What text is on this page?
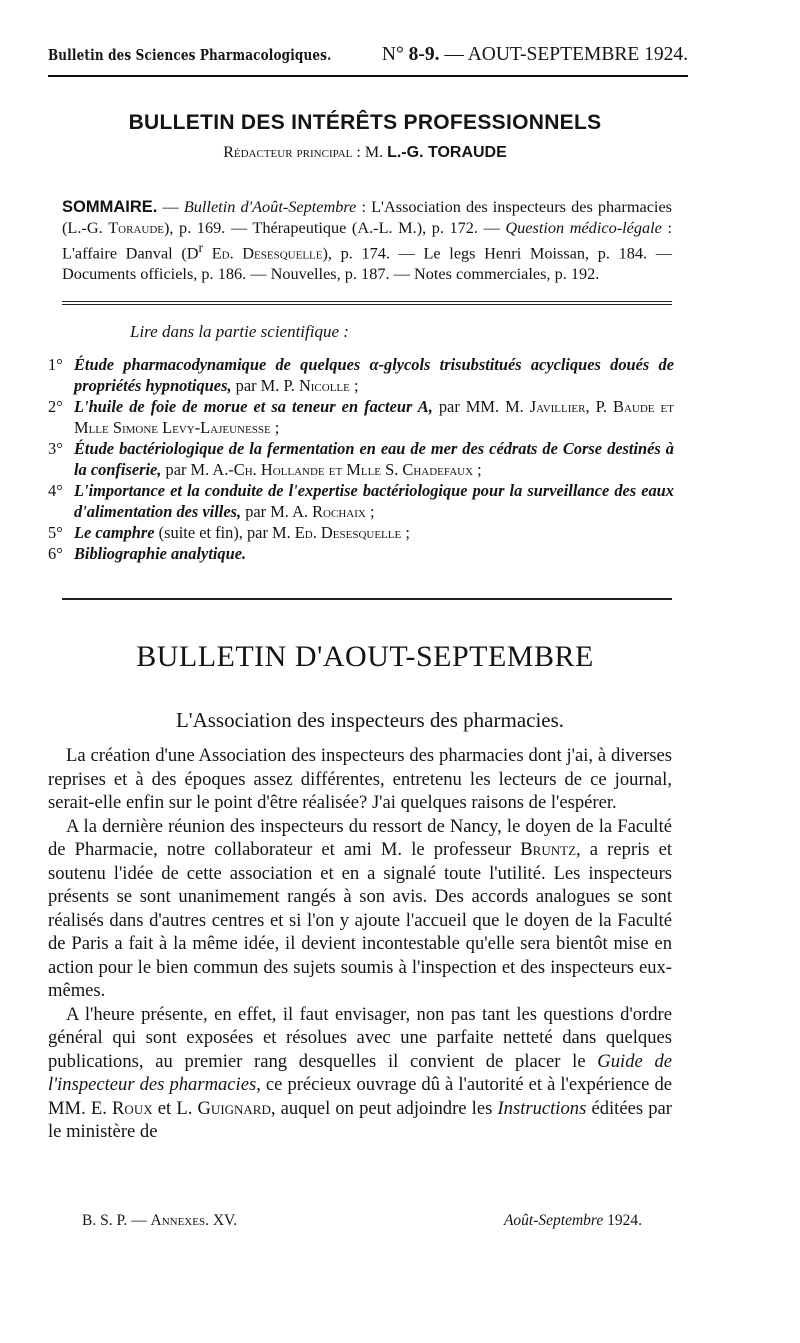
Bulletin des Sciences Pharmacologiques.	N° 8-9. — AOUT-SEPTEMBRE 1924.
BULLETIN DES INTÉRÊTS PROFESSIONNELS
Rédacteur principal : M. L.-G. TORAUDE
SOMMAIRE. — Bulletin d'Août-Septembre : L'Association des inspecteurs des pharmacies (L.-G. Toraude), p. 169. — Thérapeutique (A.-L. M.), p. 172. — Question médico-légale : L'affaire Danval ($D^r$ Ed. Desesquelle), p. 174. — Le legs Henri Moissan, p. 184. — Documents officiels, p. 186. — Nouvelles, p. 187. — Notes commerciales, p. 192.
Lire dans la partie scientifique :
1° Étude pharmacodynamique de quelques α-glycols trisubstitués acycliques doués de propriétés hypnotiques, par M. P. Nicolle ;
2° L'huile de foie de morue et sa teneur en facteur A, par MM. M. Javillier, P. Baude et Mlle Simone Levy-Lajeunesse ;
3° Étude bactériologique de la fermentation en eau de mer des cédrats de Corse destinés à la confiserie, par M. A.-Ch. Hollande et Mlle S. Chadefaux ;
4° L'importance et la conduite de l'expertise bactériologique pour la surveillance des eaux d'alimentation des villes, par M. A. Rochaix ;
5° Le camphre (suite et fin), par M. Ed. Desesquelle ;
6° Bibliographie analytique.
BULLETIN D'AOUT-SEPTEMBRE
L'Association des inspecteurs des pharmacies.

La création d'une Association des inspecteurs des pharmacies dont j'ai, à diverses reprises et à des époques assez différentes, entretenu les lecteurs de ce journal, serait-elle enfin sur le point d'être réalisée? J'ai quelques raisons de l'espérer.

A la dernière réunion des inspecteurs du ressort de Nancy, le doyen de la Faculté de Pharmacie, notre collaborateur et ami M. le professeur Bruntz, a repris et soutenu l'idée de cette association et en a signalé toute l'utilité. Les inspecteurs présents se sont unanimement rangés à son avis. Des accords analogues se sont réalisés dans d'autres centres et si l'on y ajoute l'accueil que le doyen de la Faculté de Paris a fait à la même idée, il devient incontestable qu'elle sera bientôt mise en action pour le bien commun des sujets soumis à l'inspection et des inspecteurs eux-mêmes.

A l'heure présente, en effet, il faut envisager, non pas tant les questions d'ordre général qui sont exposées et résolues avec une parfaite netteté dans quelques publications, au premier rang desquelles il convient de placer le Guide de l'inspecteur des pharmacies, ce précieux ouvrage dû à l'autorité et à l'expérience de MM. E. Roux et L. Guignard, auquel on peut adjoindre les Instructions éditées par le ministère de

B. S. P. — Annexes. XV.	Août-Septembre 1924.
